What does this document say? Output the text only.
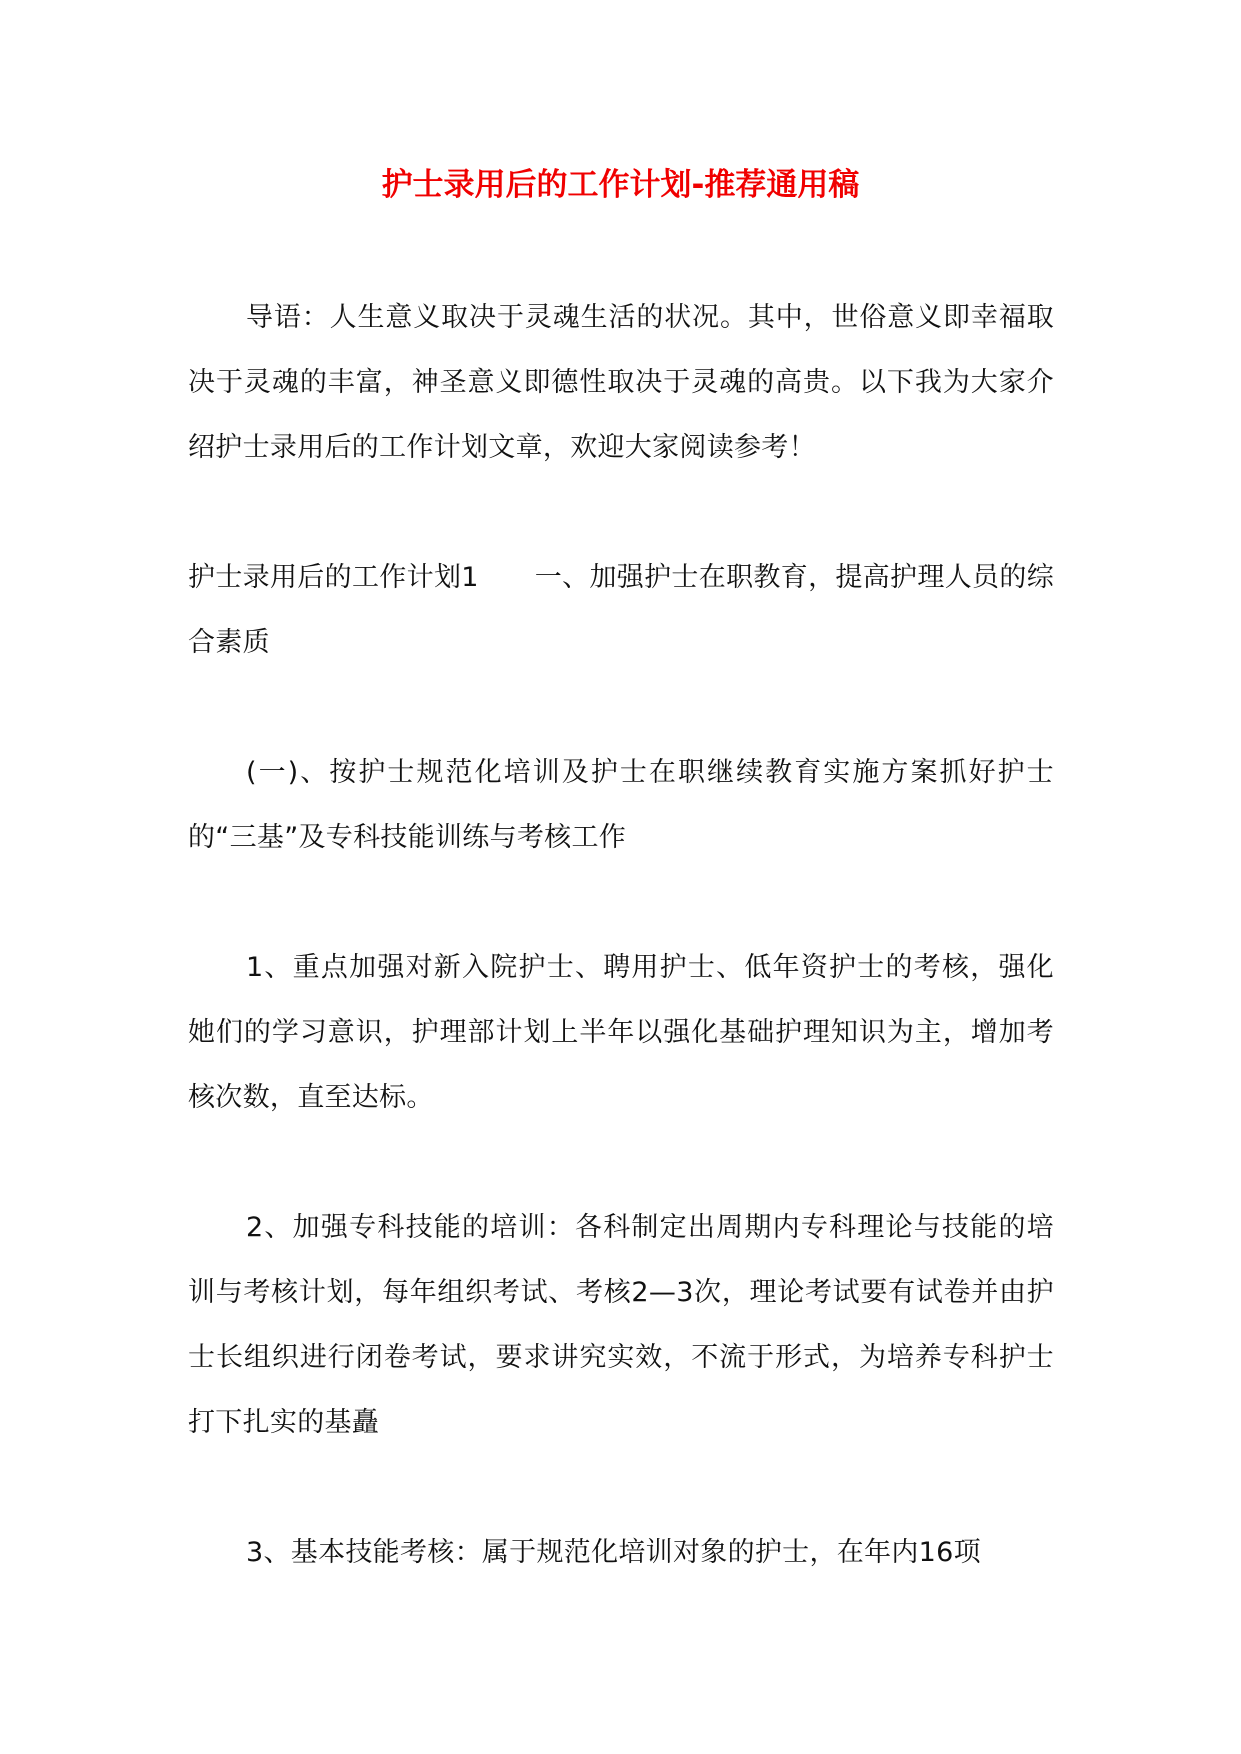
护士录用后的工作计划-推荐通用稿

导语：人生意义取决于灵魂生活的状况。其中，世俗意义即幸福取决于灵魂的丰富，神圣意义即德性取决于灵魂的高贵。以下我为大家介绍护士录用后的工作计划文章，欢迎大家阅读参考！

护士录用后的工作计划1 一、加强护士在职教育，提高护理人员的综合素质

(一)、按护士规范化培训及护士在职继续教育实施方案抓好护士的“三基”及专科技能训练与考核工作

1、重点加强对新入院护士、聘用护士、低年资护士的考核，强化她们的学习意识，护理部计划上半年以强化基础护理知识为主，增加考核次数，直至达标。

2、加强专科技能的培训：各科制定出周期内专科理论与技能的培训与考核计划，每年组织考试、考核2—3次，理论考试要有试卷并由护士长组织进行闭卷考试，要求讲究实效，不流于形式，为培养专科护士打下扎实的基矗

3、基本技能考核：属于规范化培训对象的护士，在年内16项
